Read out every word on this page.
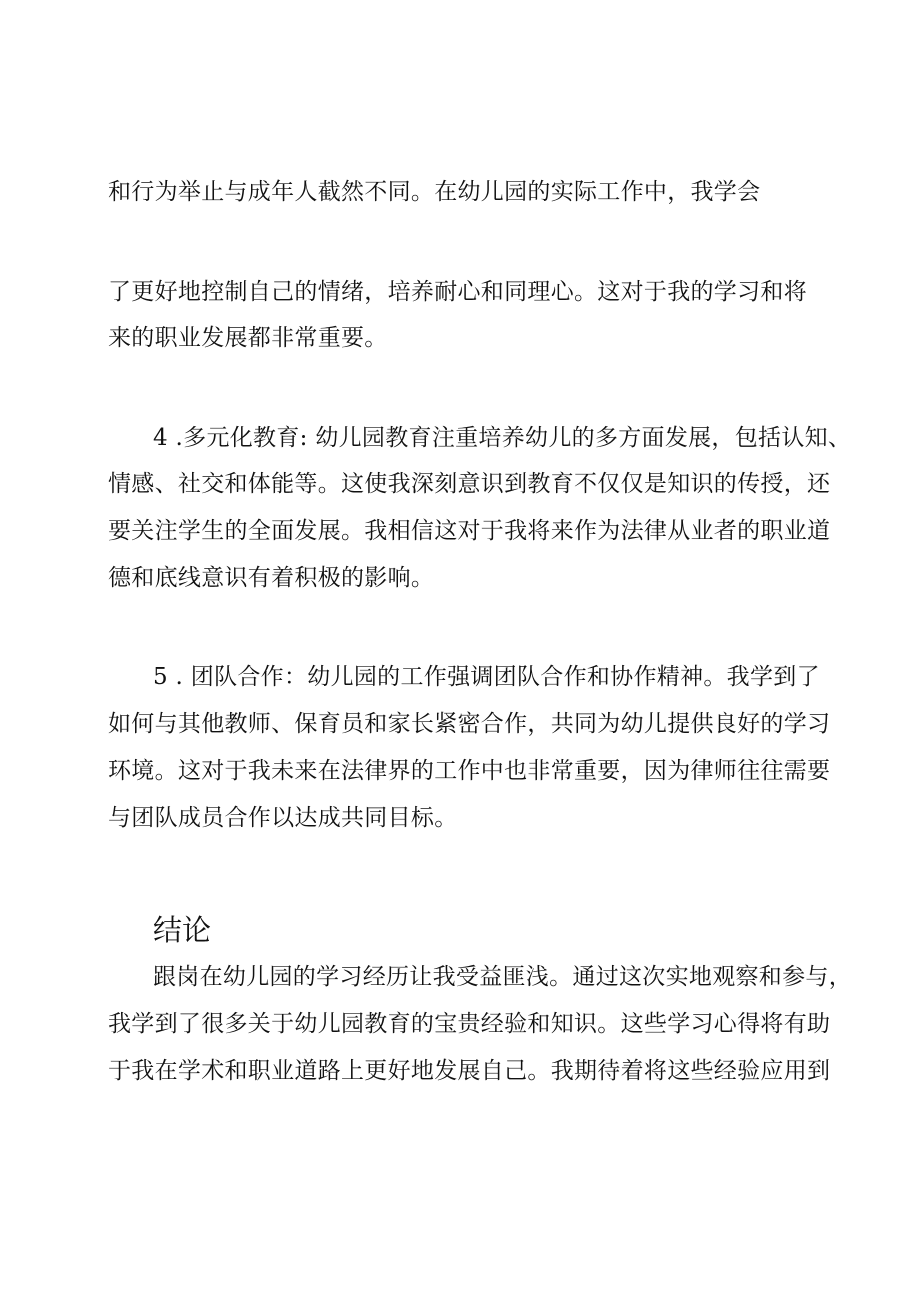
和行为举止与成年人截然不同。在幼儿园的实际工作中，我学会
了更好地控制自己的情绪，培养耐心和同理心。这对于我的学习和将
来的职业发展都非常重要。
4 .多元化教育: 幼儿园教育注重培养幼儿的多方面发展，包括认知、
情感、社交和体能等。这使我深刻意识到教育不仅仅是知识的传授，还
要关注学生的全面发展。我相信这对于我将来作为法律从业者的职业道
德和底线意识有着积极的影响。
5 . 团队合作：幼儿园的工作强调团队合作和协作精神。我学到了
如何与其他教师、保育员和家长紧密合作，共同为幼儿提供良好的学习
环境。这对于我未来在法律界的工作中也非常重要，因为律师往往需要
与团队成员合作以达成共同目标。
结论
跟岗在幼儿园的学习经历让我受益匪浅。通过这次实地观察和参与，
我学到了很多关于幼儿园教育的宝贵经验和知识。这些学习心得将有助
于我在学术和职业道路上更好地发展自己。我期待着将这些经验应用到
